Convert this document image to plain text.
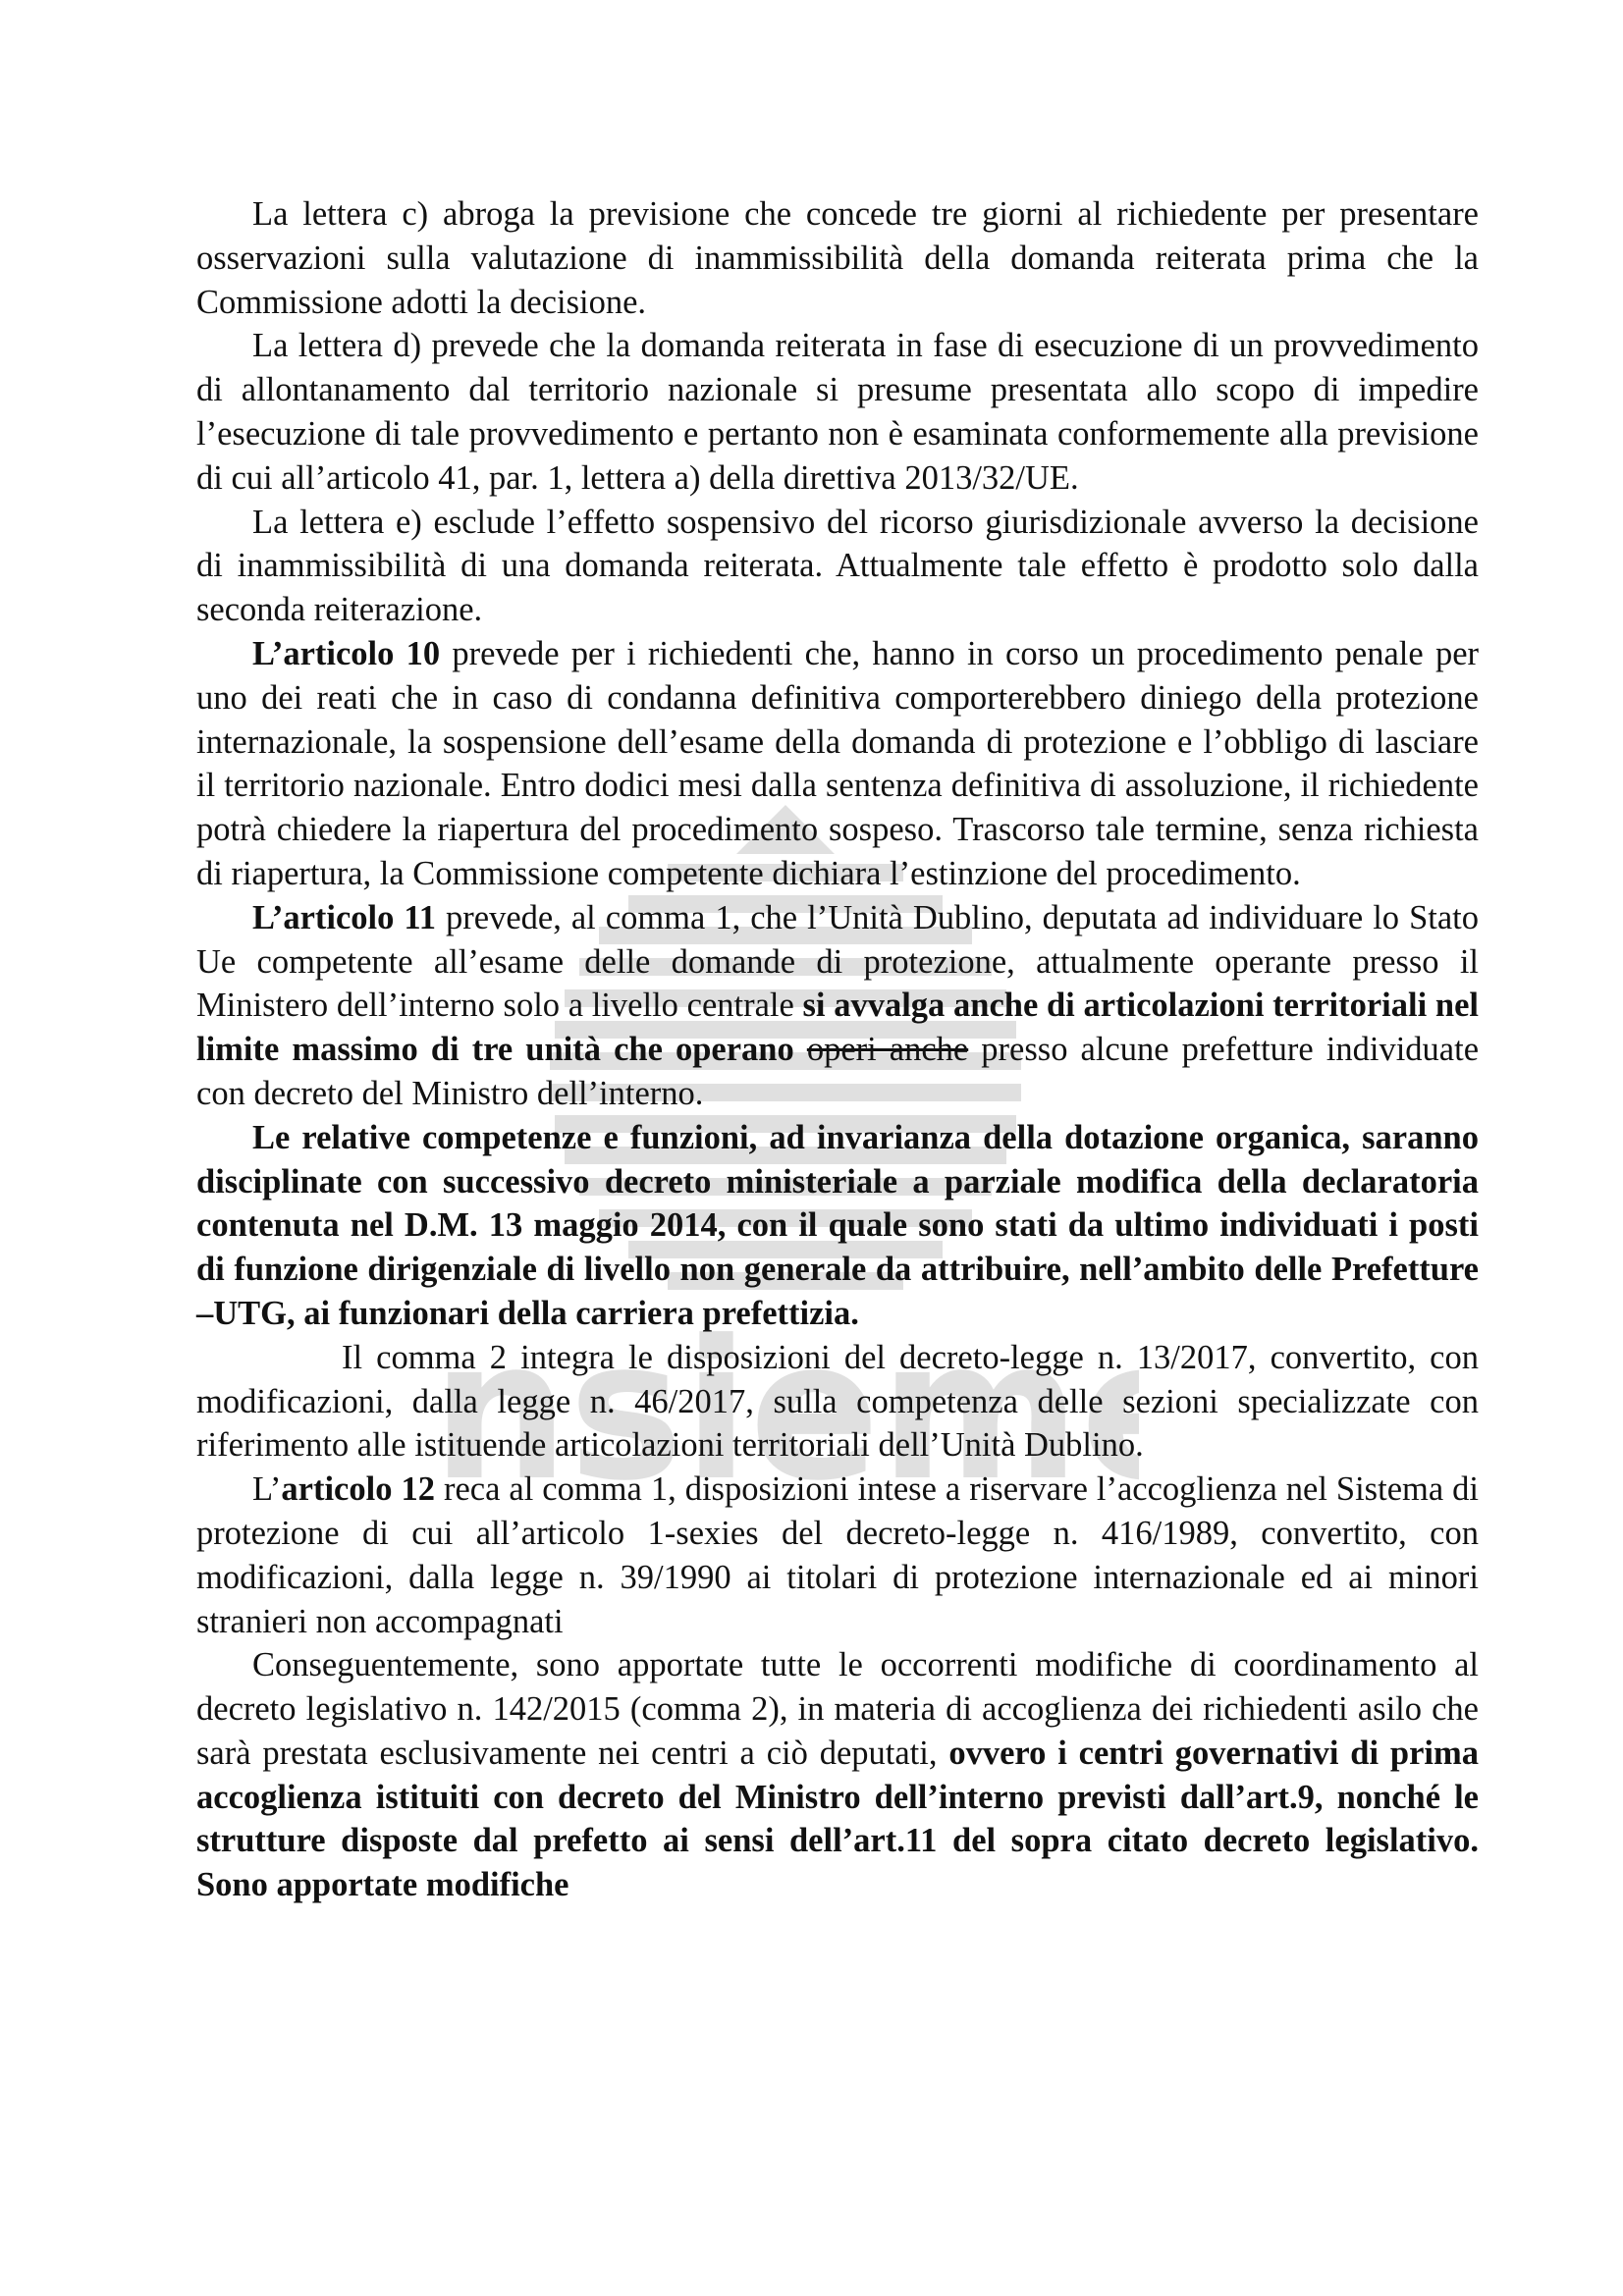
nsiem

La lettera c) abroga la previsione che concede tre giorni al richiedente per presentare osservazioni sulla valutazione di inammissibilità della domanda reiterata prima che la Commissione adotti la decisione.

La lettera d) prevede che la domanda reiterata in fase di esecuzione di un provvedimento di allontanamento dal territorio nazionale si presume presentata allo scopo di impedire l’esecuzione di tale provvedimento e pertanto non è esaminata conformemente alla previsione di cui all’articolo 41, par. 1, lettera a) della direttiva 2013/32/UE.

La lettera e) esclude l’effetto sospensivo del ricorso giurisdizionale avverso la decisione di inammissibilità di una domanda reiterata. Attualmente tale effetto è prodotto solo dalla seconda reiterazione.

L’articolo 10 prevede per i richiedenti che, hanno in corso un procedimento penale per uno dei reati che in caso di condanna definitiva comporterebbero diniego della protezione internazionale, la sospensione dell’esame della domanda di protezione e l’obbligo di lasciare il territorio nazionale. Entro dodici mesi dalla sentenza definitiva di assoluzione, il richiedente potrà chiedere la riapertura del procedimento sospeso. Trascorso tale termine, senza richiesta di riapertura, la Commissione competente dichiara l’estinzione del procedimento.

L’articolo 11 prevede, al comma 1, che l’Unità Dublino, deputata ad individuare lo Stato Ue competente all’esame delle domande di protezione, attualmente operante presso il Ministero dell’interno solo a livello centrale si avvalga anche di articolazioni territoriali nel limite massimo di tre unità che operano operi anche presso alcune prefetture individuate con decreto del Ministro dell’interno.

Le relative competenze e funzioni, ad invarianza della dotazione organica, saranno disciplinate con successivo decreto ministeriale a parziale modifica della declaratoria contenuta nel D.M. 13 maggio 2014, con il quale sono stati da ultimo individuati i posti di funzione dirigenziale di livello non generale da attribuire, nell’ambito delle Prefetture –UTG, ai funzionari della carriera prefettizia.

Il comma 2 integra le disposizioni del decreto-legge n. 13/2017, convertito, con modificazioni, dalla legge n. 46/2017, sulla competenza delle sezioni specializzate con riferimento alle istituende articolazioni territoriali dell’Unità Dublino.

L’articolo 12 reca al comma 1, disposizioni intese a riservare l’accoglienza nel Sistema di protezione di cui all’articolo 1-sexies del decreto-legge n. 416/1989, convertito, con modificazioni, dalla legge n. 39/1990 ai titolari di protezione internazionale ed ai minori stranieri non accompagnati

Conseguentemente, sono apportate tutte le occorrenti modifiche di coordinamento al decreto legislativo n. 142/2015 (comma 2), in materia di accoglienza dei richiedenti asilo che sarà prestata esclusivamente nei centri a ciò deputati, ovvero i centri governativi di prima accoglienza istituiti con decreto del Ministro dell’interno previsti dall’art.9, nonché le strutture disposte dal prefetto ai sensi dell’art.11 del sopra citato decreto legislativo. Sono apportate modifiche
